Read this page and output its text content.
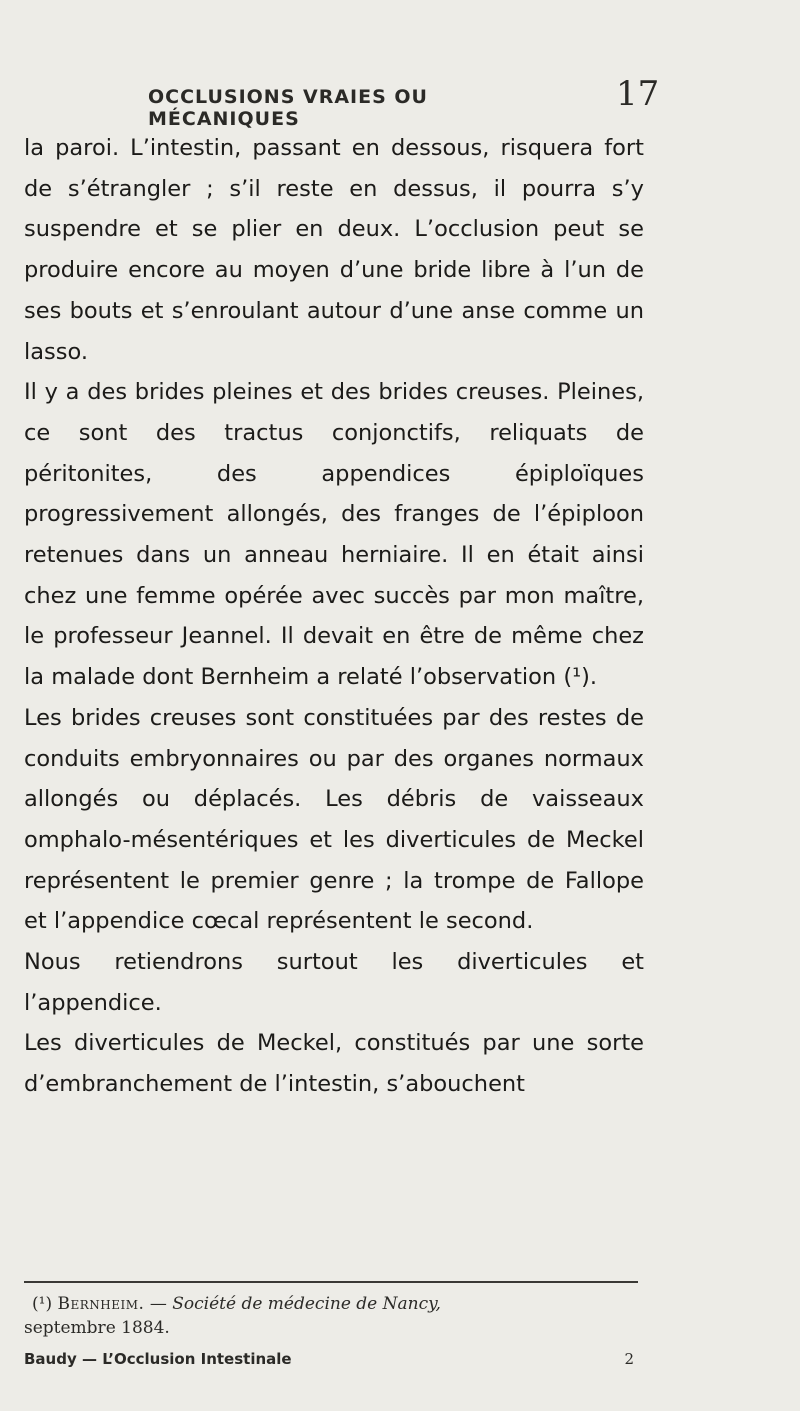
OCCLUSIONS VRAIES OU MÉCANIQUES
17

la paroi. L’intestin, passant en dessous, risquera fort de s’étrangler ; s’il reste en dessus, il pourra s’y suspendre et se plier en deux. L’occlusion peut se produire encore au moyen d’une bride libre à l’un de ses bouts et s’enroulant autour d’une anse comme un lasso.

Il y a des brides pleines et des brides creuses. Pleines, ce sont des tractus conjonctifs, reliquats de péritonites, des appendices épiploïques progressivement allongés, des franges de l’épiploon retenues dans un anneau herniaire. Il en était ainsi chez une femme opérée avec succès par mon maître, le professeur Jeannel. Il devait en être de même chez la malade dont Bernheim a relaté l’observation (¹).

Les brides creuses sont constituées par des restes de conduits embryonnaires ou par des organes normaux allongés ou déplacés. Les débris de vaisseaux omphalo-mésentériques et les diverticules de Meckel représentent le premier genre ; la trompe de Fallope et l’appendice cœcal représentent le second.

Nous retiendrons surtout les diverticules et l’appendice.

Les diverticules de Meckel, constitués par une sorte d’embranchement de l’intestin, s’abouchent

(¹) Bernheim. — Société de médecine de Nancy,
septembre 1884.
Baudy — L’Occlusion Intestinale	2
